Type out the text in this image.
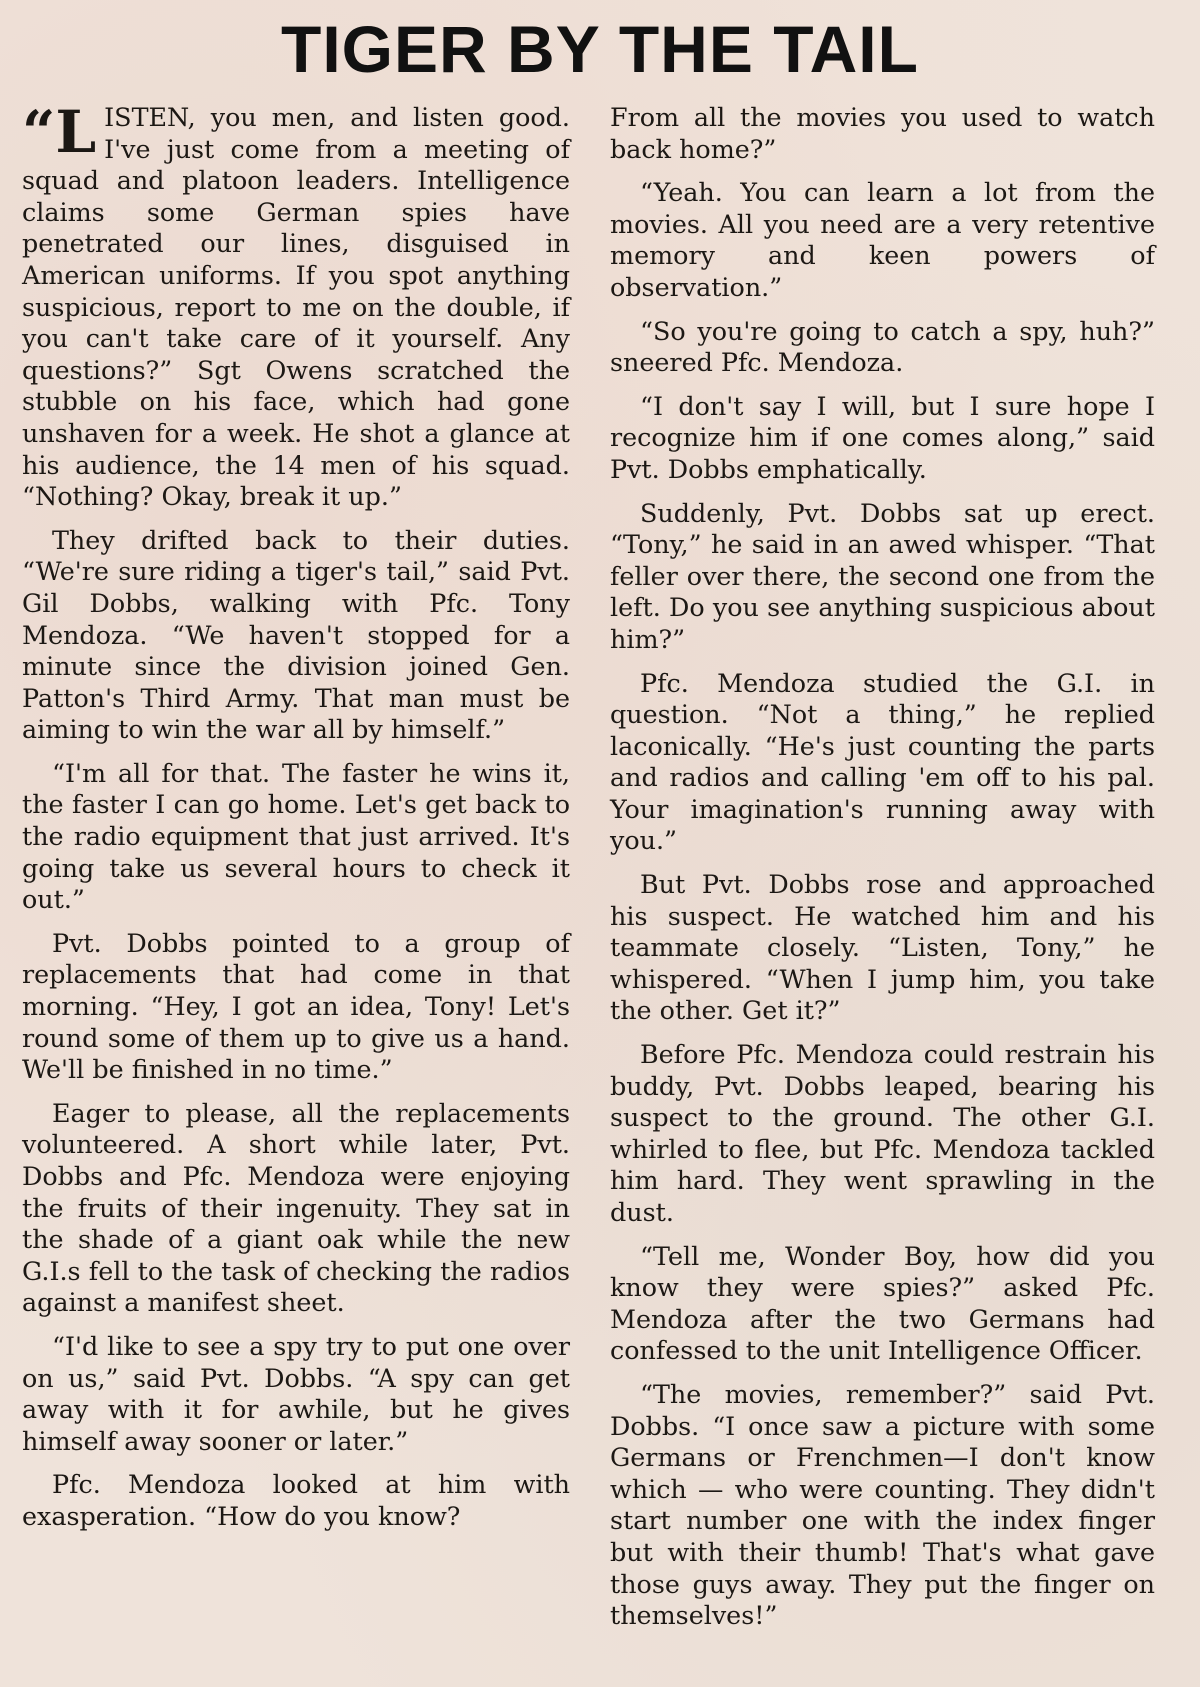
TIGER BY THE TAIL

“LISTEN, you men, and listen good. I've just come from a meeting of squad and platoon leaders. Intelligence claims some German spies have penetrated our lines, disguised in American uniforms. If you spot anything suspicious, report to me on the double, if you can't take care of it yourself. Any questions?” Sgt Owens scratched the stubble on his face, which had gone unshaven for a week. He shot a glance at his audience, the 14 men of his squad. “Nothing? Okay, break it up.”

They drifted back to their duties. “We're sure riding a tiger's tail,” said Pvt. Gil Dobbs, walking with Pfc. Tony Mendoza. “We haven't stopped for a minute since the division joined Gen. Patton's Third Army. That man must be aiming to win the war all by himself.”

“I'm all for that. The faster he wins it, the faster I can go home. Let's get back to the radio equipment that just arrived. It's going take us several hours to check it out.”

Pvt. Dobbs pointed to a group of replacements that had come in that morning. “Hey, I got an idea, Tony! Let's round some of them up to give us a hand. We'll be finished in no time.”

Eager to please, all the replacements volunteered. A short while later, Pvt. Dobbs and Pfc. Mendoza were enjoying the fruits of their ingenuity. They sat in the shade of a giant oak while the new G.I.s fell to the task of checking the radios against a manifest sheet.

“I'd like to see a spy try to put one over on us,” said Pvt. Dobbs. “A spy can get away with it for awhile, but he gives himself away sooner or later.”

Pfc. Mendoza looked at him with exasperation. “How do you know?

From all the movies you used to watch back home?”

“Yeah. You can learn a lot from the movies. All you need are a very retentive memory and keen powers of observation.”

“So you're going to catch a spy, huh?” sneered Pfc. Mendoza.

“I don't say I will, but I sure hope I recognize him if one comes along,” said Pvt. Dobbs emphatically.

Suddenly, Pvt. Dobbs sat up erect. “Tony,” he said in an awed whisper. “That feller over there, the second one from the left. Do you see anything suspicious about him?”

Pfc. Mendoza studied the G.I. in question. “Not a thing,” he replied laconically. “He's just counting the parts and radios and calling 'em off to his pal. Your imagination's running away with you.”

But Pvt. Dobbs rose and approached his suspect. He watched him and his teammate closely. “Listen, Tony,” he whispered. “When I jump him, you take the other. Get it?”

Before Pfc. Mendoza could restrain his buddy, Pvt. Dobbs leaped, bearing his suspect to the ground. The other G.I. whirled to flee, but Pfc. Mendoza tackled him hard. They went sprawling in the dust.

“Tell me, Wonder Boy, how did you know they were spies?” asked Pfc. Mendoza after the two Germans had confessed to the unit Intelligence Officer.

“The movies, remember?” said Pvt. Dobbs. “I once saw a picture with some Germans or Frenchmen—I don't know which — who were counting. They didn't start number one with the index finger but with their thumb! That's what gave those guys away. They put the finger on themselves!”
